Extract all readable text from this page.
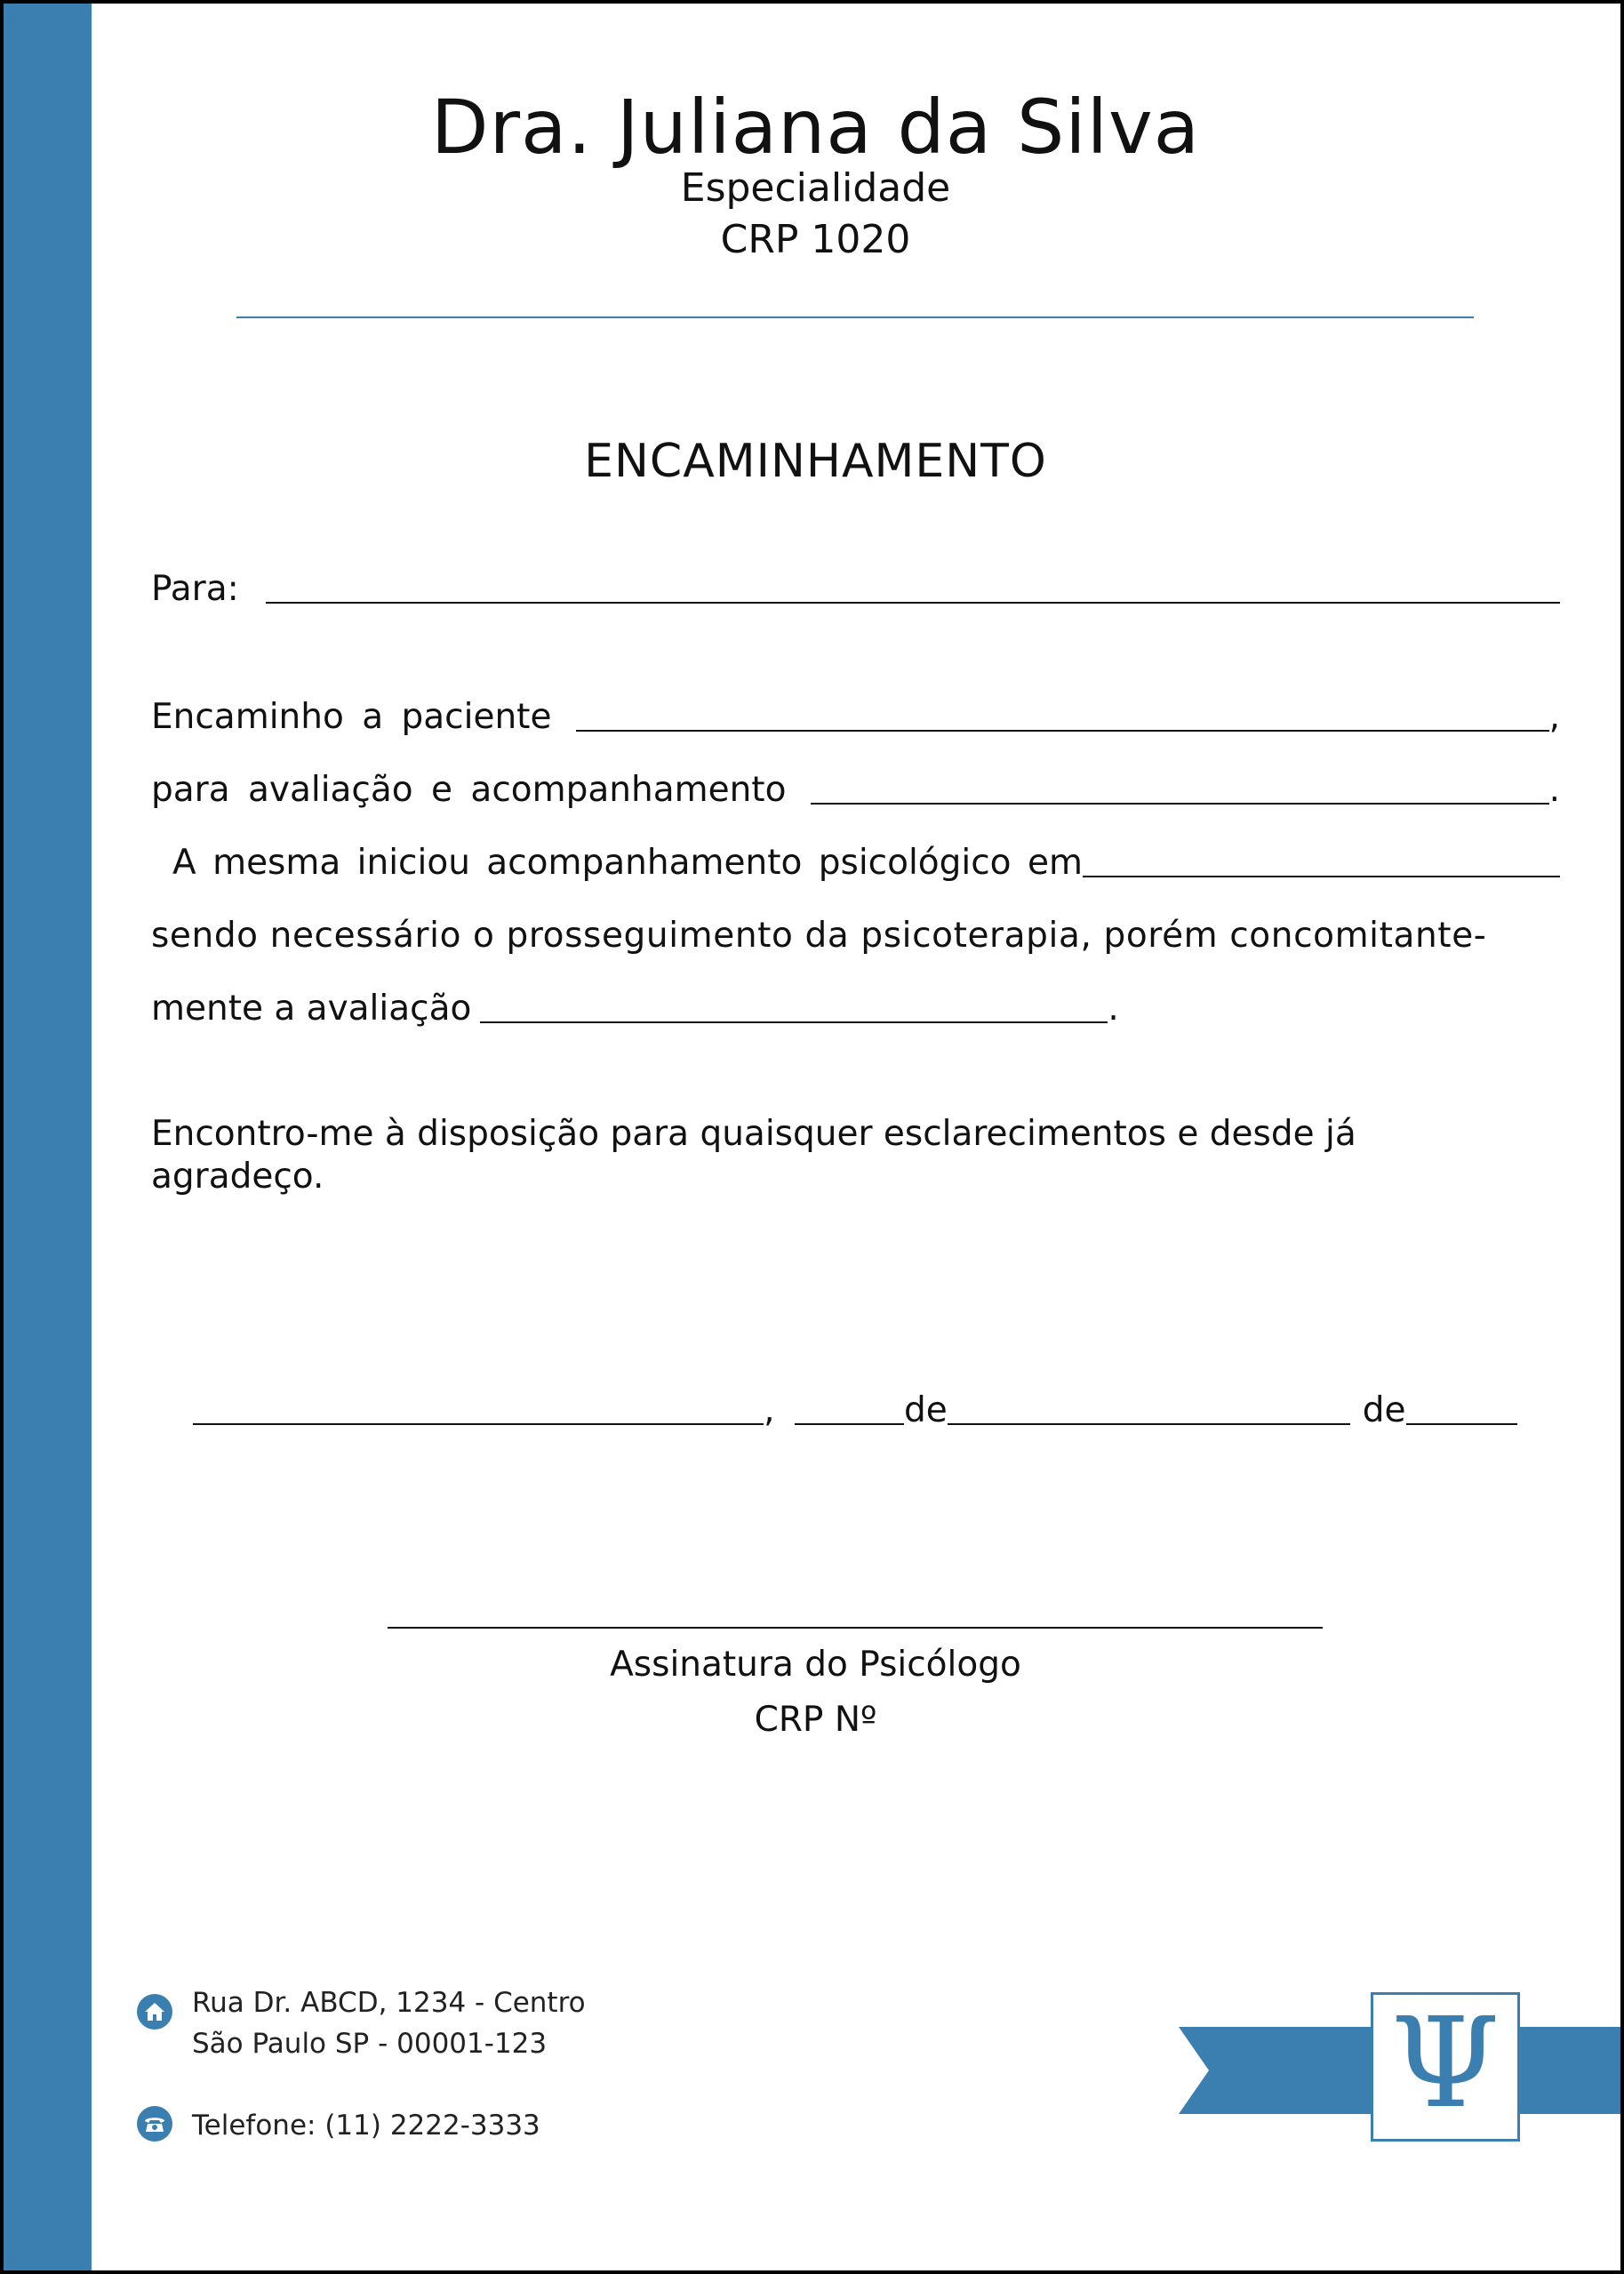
Dra. Juliana da Silva
Especialidade
CRP 1020
ENCAMINHAMENTO
Para:
Encaminho a paciente	,
para avaliação e acompanhamento	.
A mesma iniciou acompanhamento psicológico em
sendo necessário o prosseguimento da psicoterapia, porém concomitante-
mente a avaliação	.
Encontro-me à disposição para quaisquer esclarecimentos e desde já agradeço.
,	de	de
Assinatura do Psicólogo
CRP Nº
Rua Dr. ABCD, 1234 - Centro
São Paulo SP - 00001-123
Telefone: (11) 2222-3333	Ψ
